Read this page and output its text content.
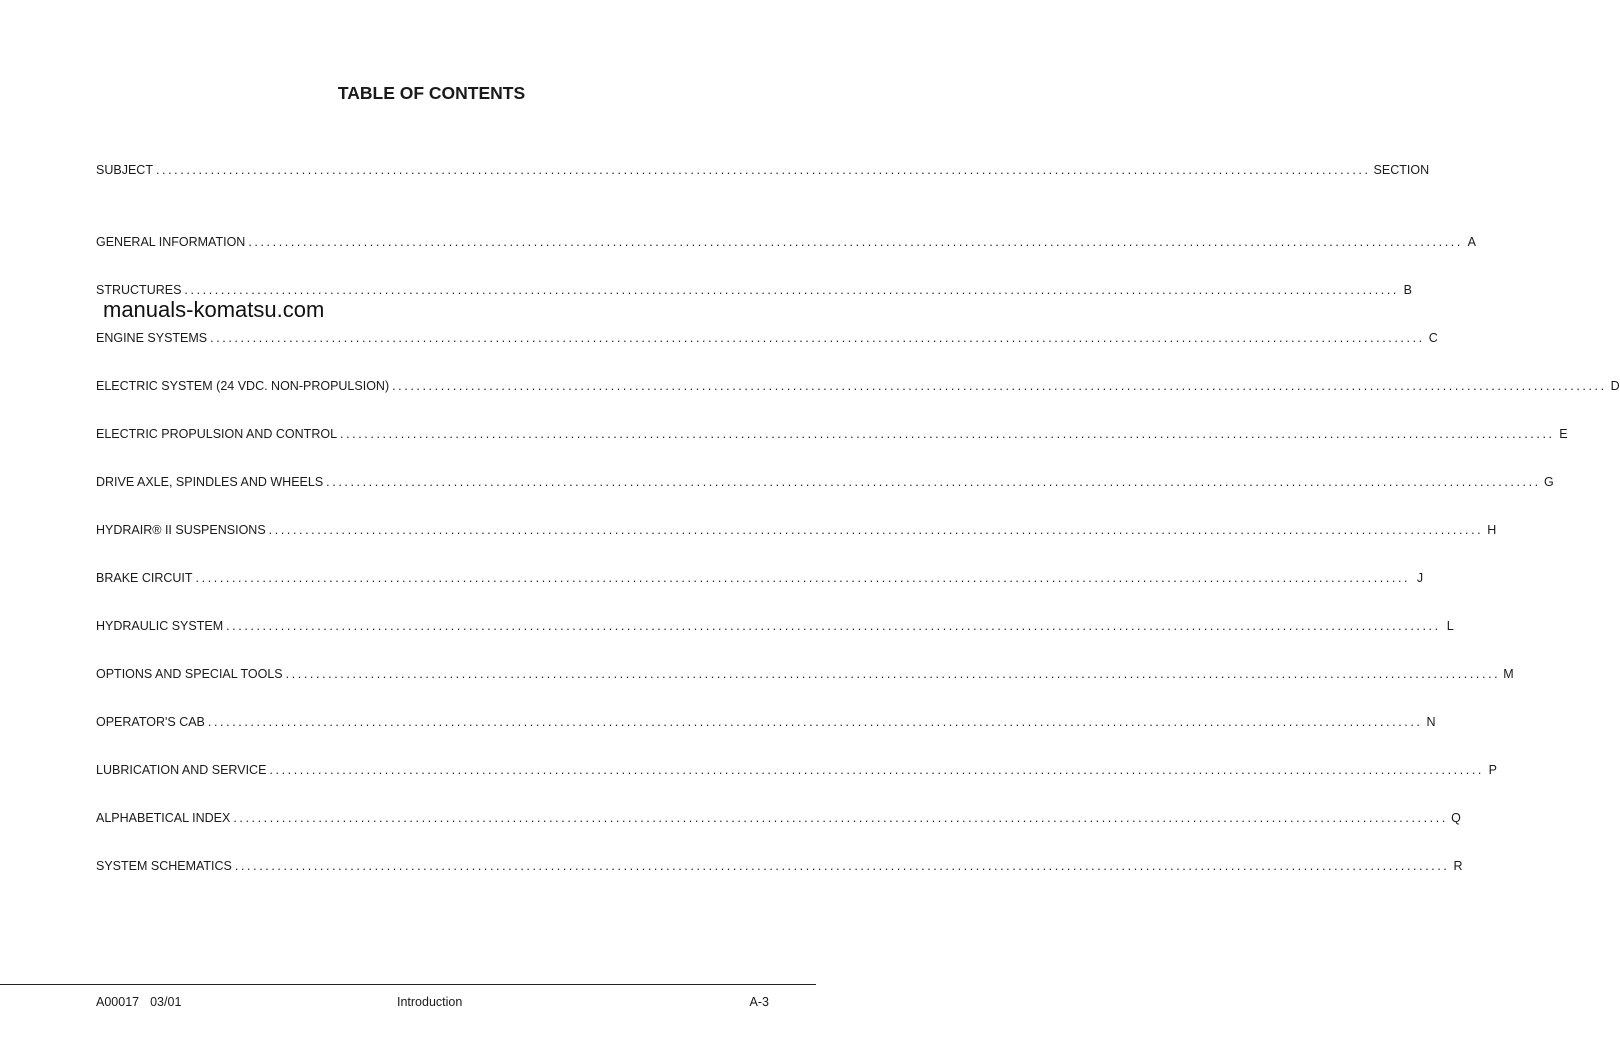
TABLE OF CONTENTS
SUBJECT ........................................................................................................................................................................................................ SECTION
GENERAL INFORMATION ........................................................................................................................................................................................................ A
STRUCTURES ........................................................................................................................................................................................................ B
ENGINE SYSTEMS ........................................................................................................................................................................................................ C
ELECTRIC SYSTEM (24 VDC. NON-PROPULSION) ........................................................................................................................................................................................................ D
ELECTRIC PROPULSION AND CONTROL ........................................................................................................................................................................................................ E
DRIVE AXLE, SPINDLES AND WHEELS ........................................................................................................................................................................................................ G
HYDRAIR® II SUSPENSIONS ........................................................................................................................................................................................................ H
BRAKE CIRCUIT ........................................................................................................................................................................................................ J
HYDRAULIC SYSTEM ........................................................................................................................................................................................................ L
OPTIONS AND SPECIAL TOOLS ........................................................................................................................................................................................................ M
OPERATOR'S CAB ........................................................................................................................................................................................................ N
LUBRICATION AND SERVICE ........................................................................................................................................................................................................ P
ALPHABETICAL INDEX ........................................................................................................................................................................................................ Q
SYSTEM SCHEMATICS ........................................................................................................................................................................................................ R
manuals-komatsu.com
A00017 03/01	Introduction	A-3
